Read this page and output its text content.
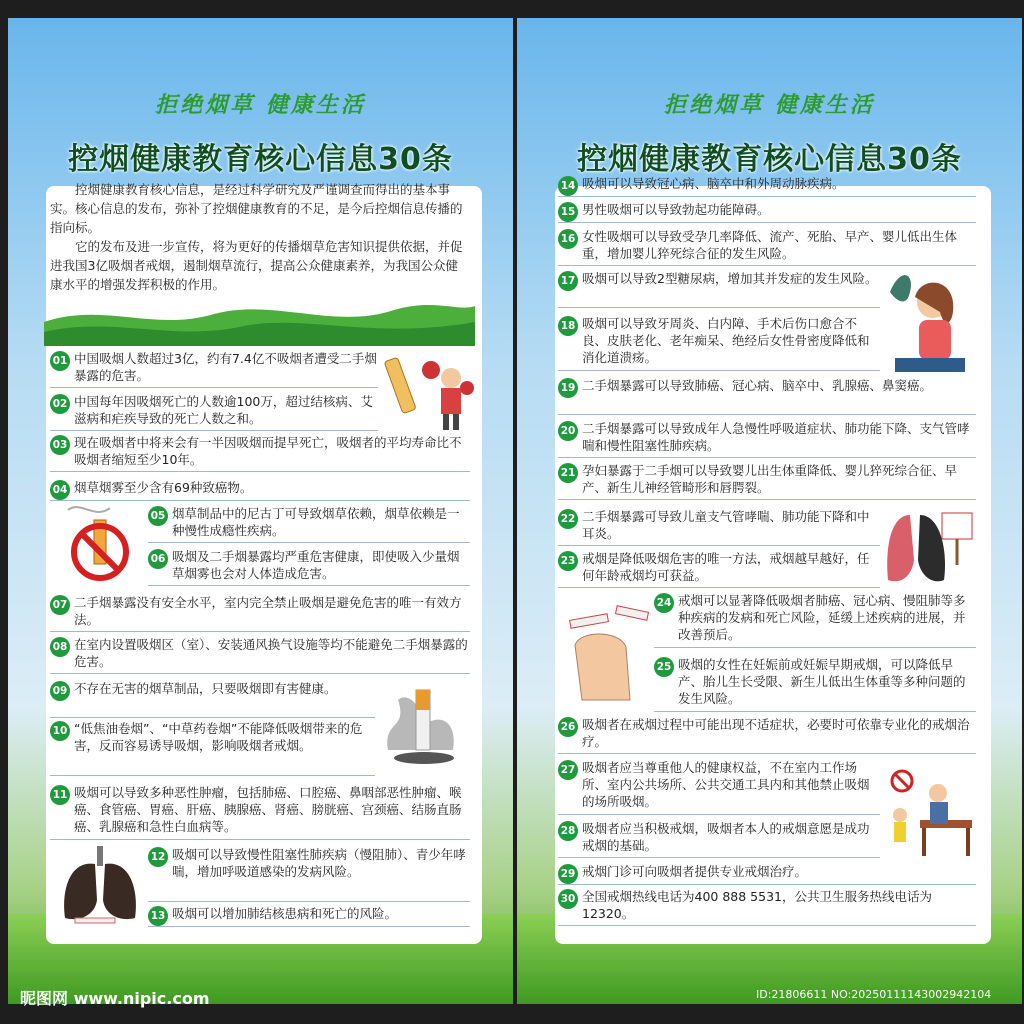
拒绝烟草 健康生活
控烟健康教育核心信息30条
拒绝烟草 健康生活
控烟健康教育核心信息30条

控烟健康教育核心信息，是经过科学研究及严谨调查而得出的基本事实。核心信息的发布，弥补了控烟健康教育的不足，是今后控烟信息传播的指向标。

它的发布及进一步宣传，将为更好的传播烟草危害知识提供依据，并促进我国3亿吸烟者戒烟，遏制烟草流行，提高公众健康素养，为我国公众健康水平的增强发挥积极的作用。

01 中国吸烟人数超过3亿，约有7.4亿不吸烟者遭受二手烟暴露的危害。
02 中国每年因吸烟死亡的人数逾100万，超过结核病、艾滋病和疟疾导致的死亡人数之和。
03 现在吸烟者中将来会有一半因吸烟而提早死亡，吸烟者的平均寿命比不吸烟者缩短至少10年。
04 烟草烟雾至少含有69种致癌物。
05 烟草制品中的尼古丁可导致烟草依赖，烟草依赖是一种慢性成瘾性疾病。
06 吸烟及二手烟暴露均严重危害健康，即使吸入少量烟草烟雾也会对人体造成危害。
07 二手烟暴露没有安全水平，室内完全禁止吸烟是避免危害的唯一有效方法。
08 在室内设置吸烟区（室）、安装通风换气设施等均不能避免二手烟暴露的危害。
09 不存在无害的烟草制品，只要吸烟即有害健康。
10 “低焦油卷烟”、“中草药卷烟”不能降低吸烟带来的危害，反而容易诱导吸烟，影响吸烟者戒烟。
11 吸烟可以导致多种恶性肿瘤，包括肺癌、口腔癌、鼻咽部恶性肿瘤、喉癌、食管癌、胃癌、肝癌、胰腺癌、肾癌、膀胱癌、宫颈癌、结肠直肠癌、乳腺癌和急性白血病等。
12 吸烟可以导致慢性阻塞性肺疾病（慢阻肺）、青少年哮喘，增加呼吸道感染的发病风险。
13 吸烟可以增加肺结核患病和死亡的风险。
14 吸烟可以导致冠心病、脑卒中和外周动脉疾病。
15 男性吸烟可以导致勃起功能障碍。
16 女性吸烟可以导致受孕几率降低、流产、死胎、早产、婴儿低出生体重，增加婴儿猝死综合征的发生风险。
17 吸烟可以导致2型糖尿病，增加其并发症的发生风险。
18 吸烟可以导致牙周炎、白内障、手术后伤口愈合不良、皮肤老化、老年痴呆、绝经后女性骨密度降低和消化道溃疡。
19 二手烟暴露可以导致肺癌、冠心病、脑卒中、乳腺癌、鼻窦癌。
20 二手烟暴露可以导致成年人急慢性呼吸道症状、肺功能下降、支气管哮喘和慢性阻塞性肺疾病。
21 孕妇暴露于二手烟可以导致婴儿出生体重降低、婴儿猝死综合征、早产、新生儿神经管畸形和唇腭裂。
22 二手烟暴露可导致儿童支气管哮喘、肺功能下降和中耳炎。
23 戒烟是降低吸烟危害的唯一方法，戒烟越早越好，任何年龄戒烟均可获益。
24 戒烟可以显著降低吸烟者肺癌、冠心病、慢阻肺等多种疾病的发病和死亡风险，延缓上述疾病的进展，并改善预后。
25 吸烟的女性在妊娠前或妊娠早期戒烟，可以降低早产、胎儿生长受限、新生儿低出生体重等多种问题的发生风险。
26 吸烟者在戒烟过程中可能出现不适症状，必要时可依靠专业化的戒烟治疗。
27 吸烟者应当尊重他人的健康权益，不在室内工作场所、室内公共场所、公共交通工具内和其他禁止吸烟的场所吸烟。
28 吸烟者应当积极戒烟，吸烟者本人的戒烟意愿是成功戒烟的基础。
29 戒烟门诊可向吸烟者提供专业戒烟治疗。
30 全国戒烟热线电话为400 888 5531，公共卫生服务热线电话为12320。
昵图网 www.nipic.com	ID:21806611 NO:20250111143002942104
